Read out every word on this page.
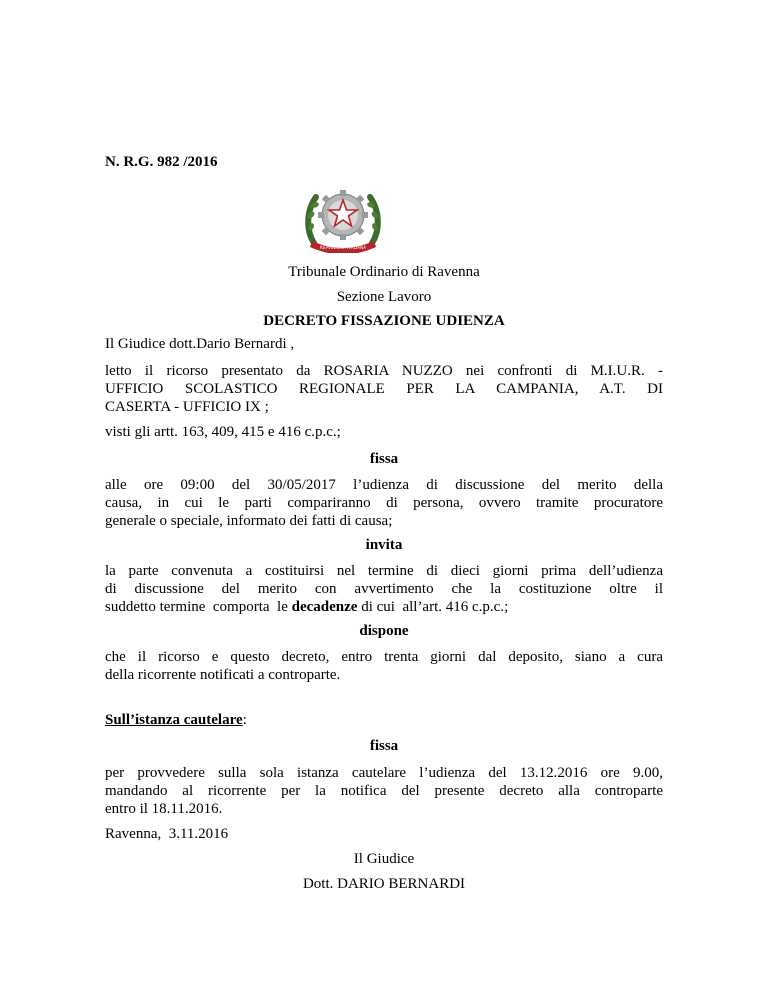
N. R.G. 982 /2016
REPVBBLICA ITALIANA
Tribunale Ordinario di Ravenna
Sezione Lavoro
DECRETO FISSAZIONE UDIENZA
Il Giudice dott.Dario Bernardi ,

letto il ricorso presentato da ROSARIA NUZZO nei confronti di M.I.U.R. -

UFFICIO SCOLASTICO REGIONALE PER LA CAMPANIA, A.T. DI

CASERTA - UFFICIO IX ;

visti gli artt. 163, 409, 415 e 416 c.p.c.;
fissa

alle ore 09:00 del 30/05/2017 l’udienza di discussione del merito della

causa, in cui le parti compariranno di persona, ovvero tramite procuratore

generale o speciale, informato dei fatti di causa;

invita

la parte convenuta a costituirsi nel termine di dieci giorni prima dell’udienza

di discussione del merito con avvertimento che la costituzione oltre il

suddetto termine  comporta  le decadenze di cui  all’art. 416 c.p.c.;

dispone

che il ricorso e questo decreto, entro trenta giorni dal deposito, siano a cura

della ricorrente notificati a controparte.

Sull’istanza cautelare:
fissa

per provvedere sulla sola istanza cautelare l’udienza del 13.12.2016 ore 9.00,

mandando al ricorrente per la notifica del presente decreto alla controparte

entro il 18.11.2016.

Ravenna,  3.11.2016
Il Giudice
Dott. DARIO BERNARDI
